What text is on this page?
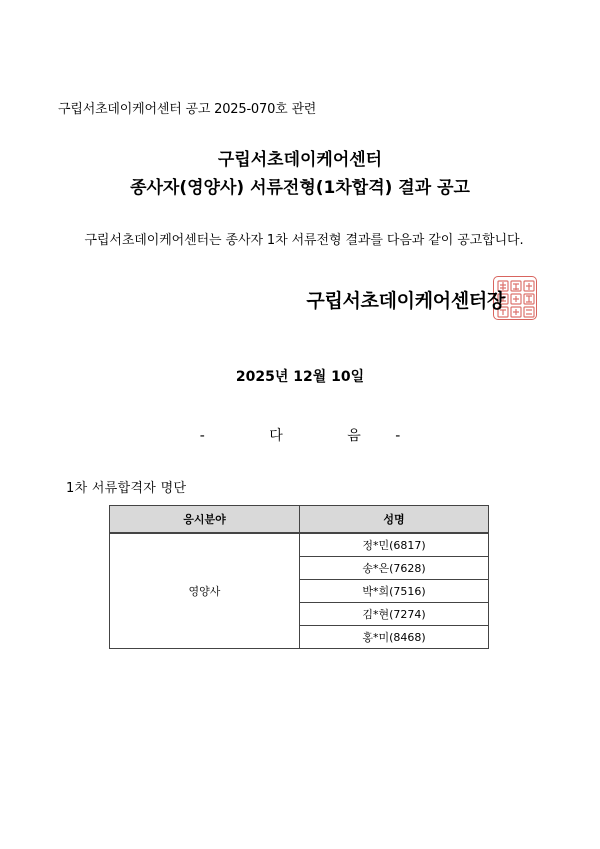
구립서초데이케어센터 공고 2025-070호 관련
구립서초데이케어센터
종사자(영양사) 서류전형(1차합격) 결과 공고
구립서초데이케어센터는 종사자 1차 서류전형 결과를 다음과 같이 공고합니다.
구립서초데이케어센터장
2025년 12월 10일
-	다	음 -
1차 서류합격자 명단
응시분야	성명
영양사	정*민(6817)
	송*은(7628)
	박*희(7516)
	김*현(7274)
	홍*미(8468)
